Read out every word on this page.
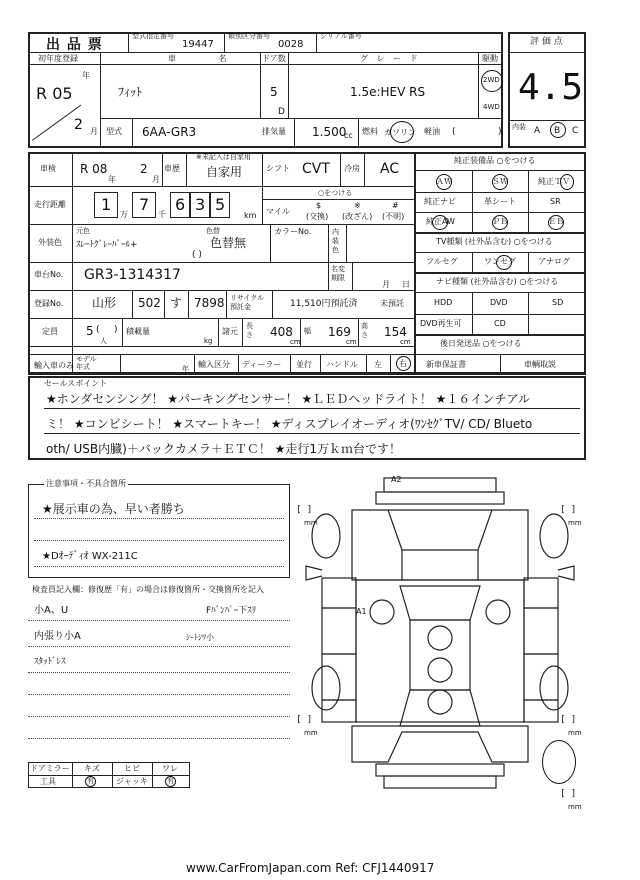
出 品 票
型式指定番号
19447
類別区分番号
0028
シリアル番号
評 価 点
4.5
内装 A B C
初年度登録
年
R 05
2 月
車 名
ﾌｨｯﾄ
ドア数
5
D
グ レ ー ド
1.5e:HEV RS
駆動
2WD
4WD
型式 6AA-GR3	排気量 1.500
cc 燃料 ガソリン 軽油 (	)
車検 R 08
年
2
月
車歴
※未記入は自家用
自家用	シフト CVT 冷房 AC
走行距離 1
万
7
千
6 3 5
km
○をつける
マイル
$
(交換)
※
(改ざん)
#
(不明)
外装色
元色
ｽﾚｰﾄｸﾞﾚｰﾊﾟｰﾙ+
色替
色替無
( )
カラーNo.	内装色
車台No. GR3-1314317	名変期限
月 日
登録No. 山形 502 す 7898 リサイクル預託金	11,510円預託済	未預託
定員 5 ( )
人
積載量
kg
諸元
長さ 408
cm
幅 169
cm
高さ 154
cm
輸入車のみ
モデル年式	年 輸入区分 ディーラー 並行 ハンドル 左 右
純正装備品 ○をつける
ＡＷ	ＳＷ	純正ＴＶ
純正ナビ	革シート	SR
純正AW	ＰＢ	ＥＢ
TV種類 (社外品含む) ○をつける
フルセグ	ワンセグ	アナログ
ナビ種類 (社外品含む) ○をつける
HDD	DVD	SD
DVD再生可	CD
後日発送品 ○をつける
新車保証書	車輌取説
セールスポイント
★ホンダセンシング！ ★パーキングセンサー！ ★ＬＥＤヘッドライト！ ★１６インチアル
ミ！ ★コンビシート！ ★スマートキー！ ★ディスプレイオーディオ(ﾜﾝｾｸﾞTV/ CD/ Blueto
oth/ USB内臓)＋バックカメラ＋ＥＴＣ！ ★走行1万ｋｍ台です！
注意事項・不具合箇所
★展示車の為、早い者勝ち
★Dｵｰﾃﾞｨｵ WX-211C
検査員記入欄：修復歴「有」の場合は修復箇所・交換箇所を記入
小A、U	Fﾊﾞﾝﾊﾟｰ下ｽﾘ
内張り小A	ｼｰﾄｼﾜ小
ｽﾀｯﾄﾞﾚｽ
ドアミラー キズ	ヒビ	ワレ
工具	有	ジャッキ	有
A2
A1
[ ]
mm
[ ]
mm
[ ]
mm
[ ]
mm
[ ]
mm
www.CarFromJapan.com Ref: CFJ1440917
